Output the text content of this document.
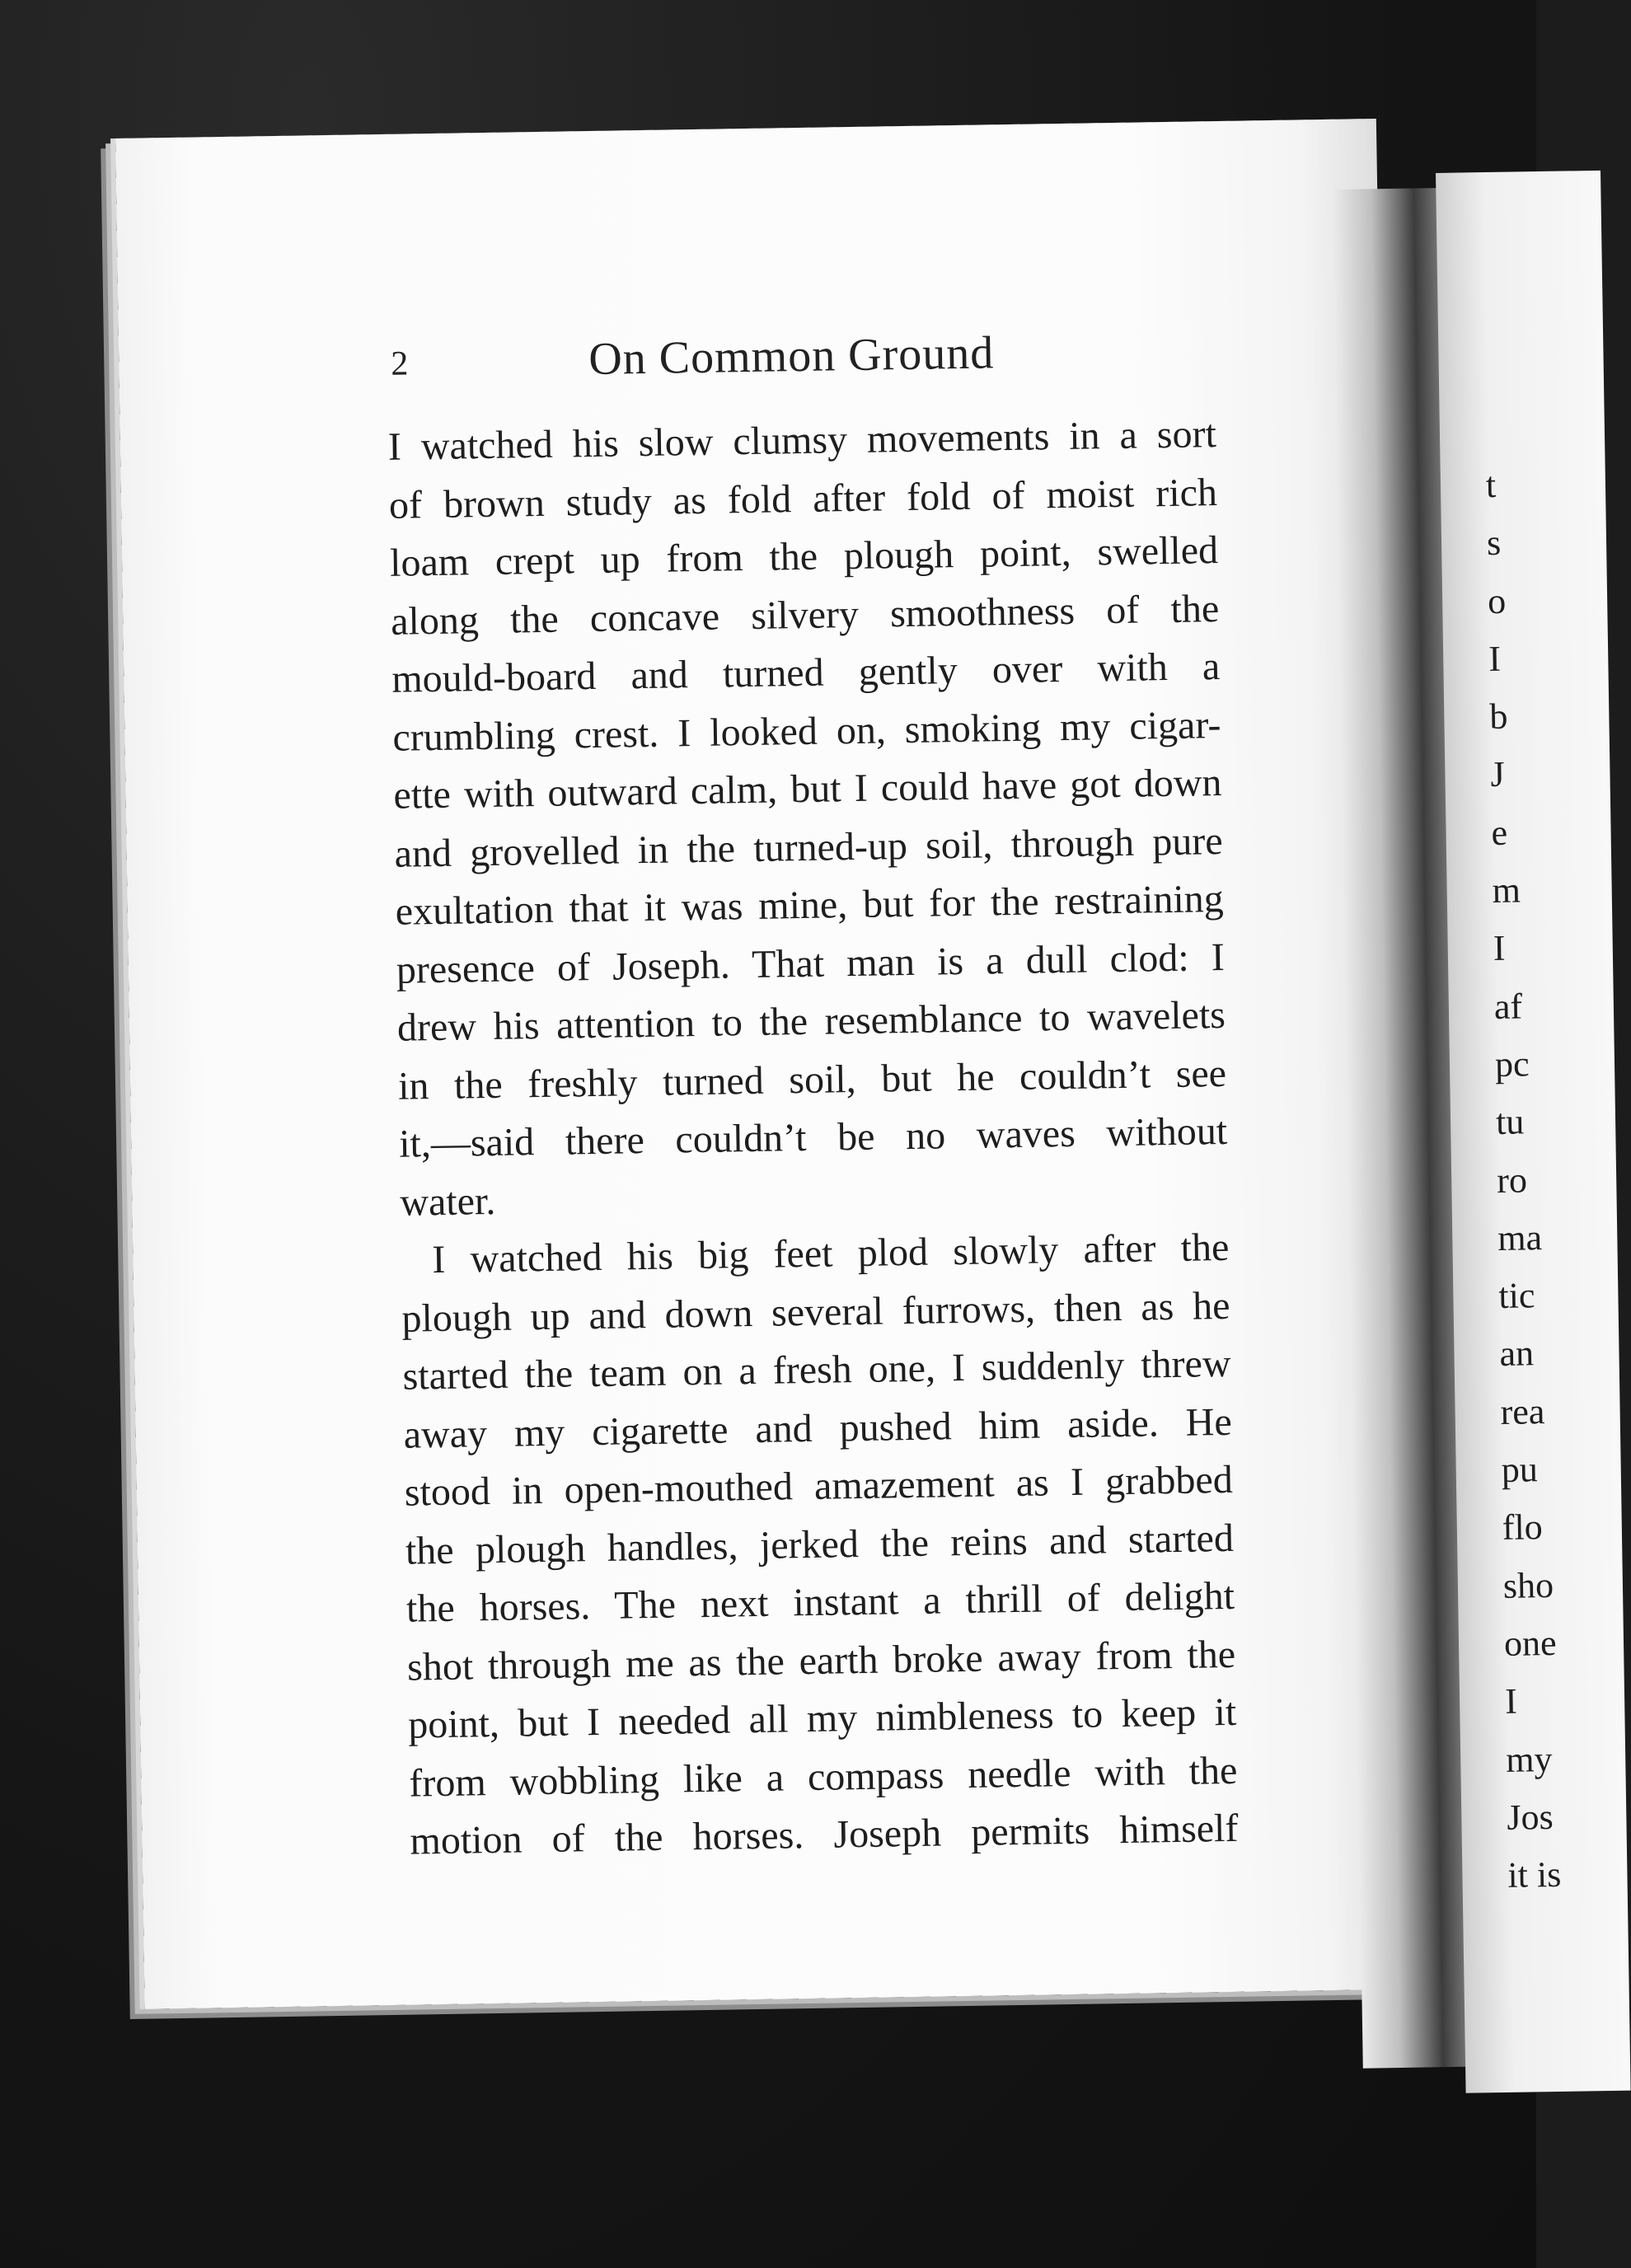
2	On Common Ground
I watched his slow clumsy movements in a sort
of brown study as fold after fold of moist rich
loam crept up from the plough point, swelled
along the concave silvery smoothness of the
mould-board and turned gently over with a
crumbling crest. I looked on, smoking my cigar-
ette with outward calm, but I could have got down
and grovelled in the turned-up soil, through pure
exultation that it was mine, but for the restraining
presence of Joseph. That man is a dull clod: I
drew his attention to the resemblance to wavelets
in the freshly turned soil, but he couldn’t see
it,—said there couldn’t be no waves without
water.
I watched his big feet plod slowly after the
plough up and down several furrows, then as he
started the team on a fresh one, I suddenly threw
away my cigarette and pushed him aside. He
stood in open-mouthed amazement as I grabbed
the plough handles, jerked the reins and started
the horses. The next instant a thrill of delight
shot through me as the earth broke away from the
point, but I needed all my nimbleness to keep it
from wobbling like a compass needle with the
motion of the horses. Joseph permits himself
t
s
o
I
b
J
e
m
I
af
pc
tu
ro
ma
tic
an
rea
pu
flo
sho
one
I
my
Jos
it is
